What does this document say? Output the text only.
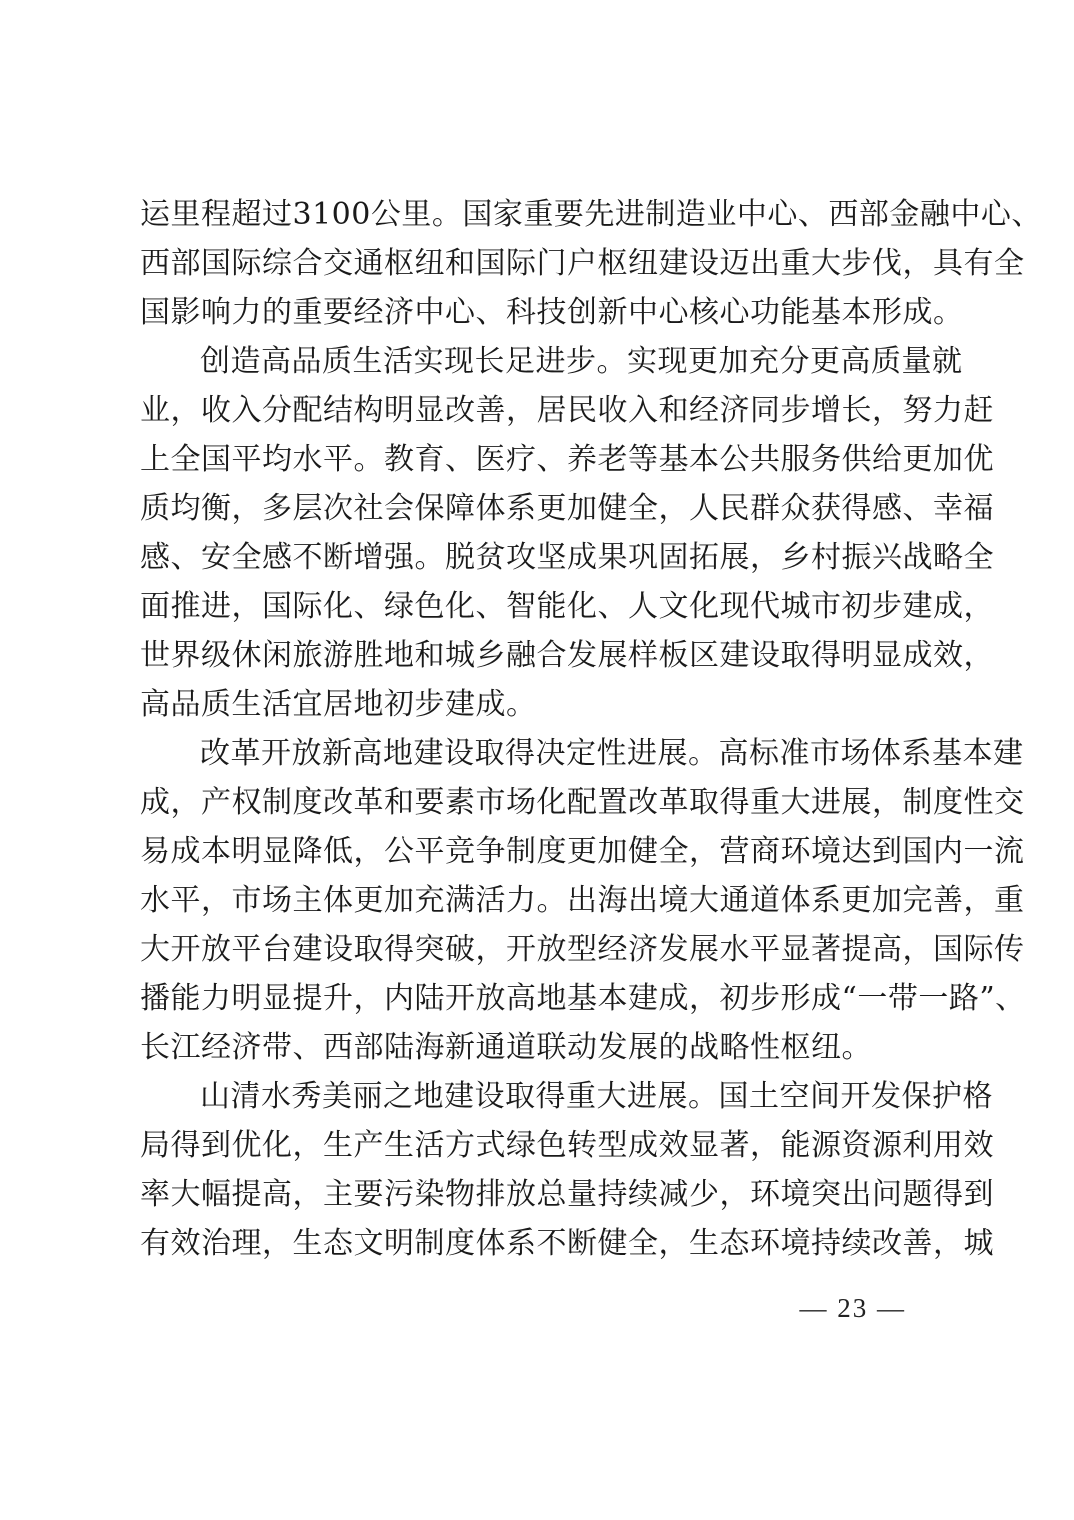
运里程超过3100公里。国家重要先进制造业中心、西部金融中心、
西部国际综合交通枢纽和国际门户枢纽建设迈出重大步伐，具有全
国影响力的重要经济中心、科技创新中心核心功能基本形成。
创造高品质生活实现长足进步。实现更加充分更高质量就
业，收入分配结构明显改善，居民收入和经济同步增长，努力赶
上全国平均水平。教育、医疗、养老等基本公共服务供给更加优
质均衡，多层次社会保障体系更加健全，人民群众获得感、幸福
感、安全感不断增强。脱贫攻坚成果巩固拓展，乡村振兴战略全
面推进，国际化、绿色化、智能化、人文化现代城市初步建成，
世界级休闲旅游胜地和城乡融合发展样板区建设取得明显成效，
高品质生活宜居地初步建成。
改革开放新高地建设取得决定性进展。高标准市场体系基本建
成，产权制度改革和要素市场化配置改革取得重大进展，制度性交
易成本明显降低，公平竞争制度更加健全，营商环境达到国内一流
水平，市场主体更加充满活力。出海出境大通道体系更加完善，重
大开放平台建设取得突破，开放型经济发展水平显著提高，国际传
播能力明显提升，内陆开放高地基本建成，初步形成“一带一路”、
长江经济带、西部陆海新通道联动发展的战略性枢纽。
山清水秀美丽之地建设取得重大进展。国土空间开发保护格
局得到优化，生产生活方式绿色转型成效显著，能源资源利用效
率大幅提高，主要污染物排放总量持续减少，环境突出问题得到
有效治理，生态文明制度体系不断健全，生态环境持续改善，城
— 23 —
